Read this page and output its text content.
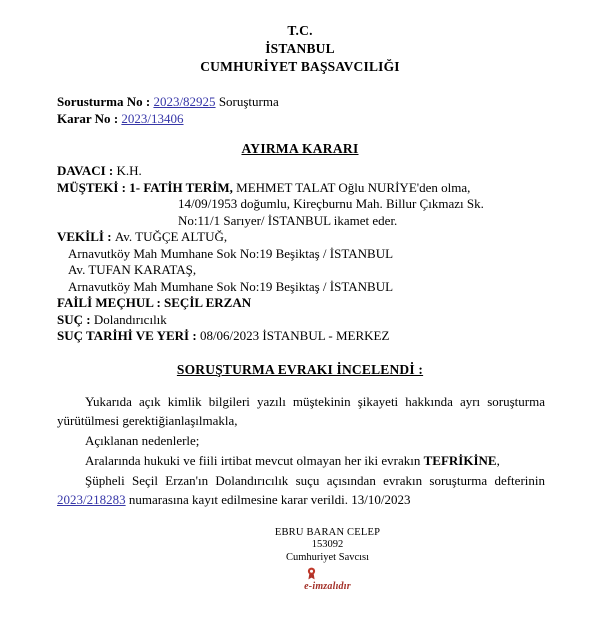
T.C.
İSTANBUL
CUMHURİYET BAŞSAVCILIĞI
Sorusturma No : 2023/82925 Soruşturma
Karar No : 2023/13406
AYIRMA KARARI
DAVACI : K.H.
MÜŞTEKİ : 1- FATİH TERİM, MEHMET TALAT Oğlu NURİYE'den olma,
14/09/1953 doğumlu, Kireçburnu Mah. Billur Çıkmazı Sk.
No:11/1 Sarıyer/ İSTANBUL ikamet eder.
VEKİLİ : Av. TUĞÇE ALTUĞ,
Arnavutköy Mah Mumhane Sok No:19 Beşiktaş / İSTANBUL
Av. TUFAN KARATAŞ,
Arnavutköy Mah Mumhane Sok No:19 Beşiktaş / İSTANBUL
FAİLİ MEÇHUL : SEÇİL ERZAN
SUÇ : Dolandırıcılık
SUÇ TARİHİ VE YERİ : 08/06/2023 İSTANBUL - MERKEZ
SORUŞTURMA EVRAKI İNCELENDİ :

Yukarıda açık kimlik bilgileri yazılı müştekinin şikayeti hakkında ayrı soruşturma yürütülmesi gerektiğianlaşılmakla,

Açıklanan nedenlerle;

Aralarında hukuki ve fiili irtibat mevcut olmayan her iki evrakın TEFRİKİNE,

Şüpheli Seçil Erzan'ın Dolandırıcılık suçu açısından evrakın soruşturma defterinin 2023/218283 numarasına kayıt edilmesine karar verildi. 13/10/2023

EBRU BARAN CELEP
153092
Cumhuriyet Savcısı
e-imzalıdır
